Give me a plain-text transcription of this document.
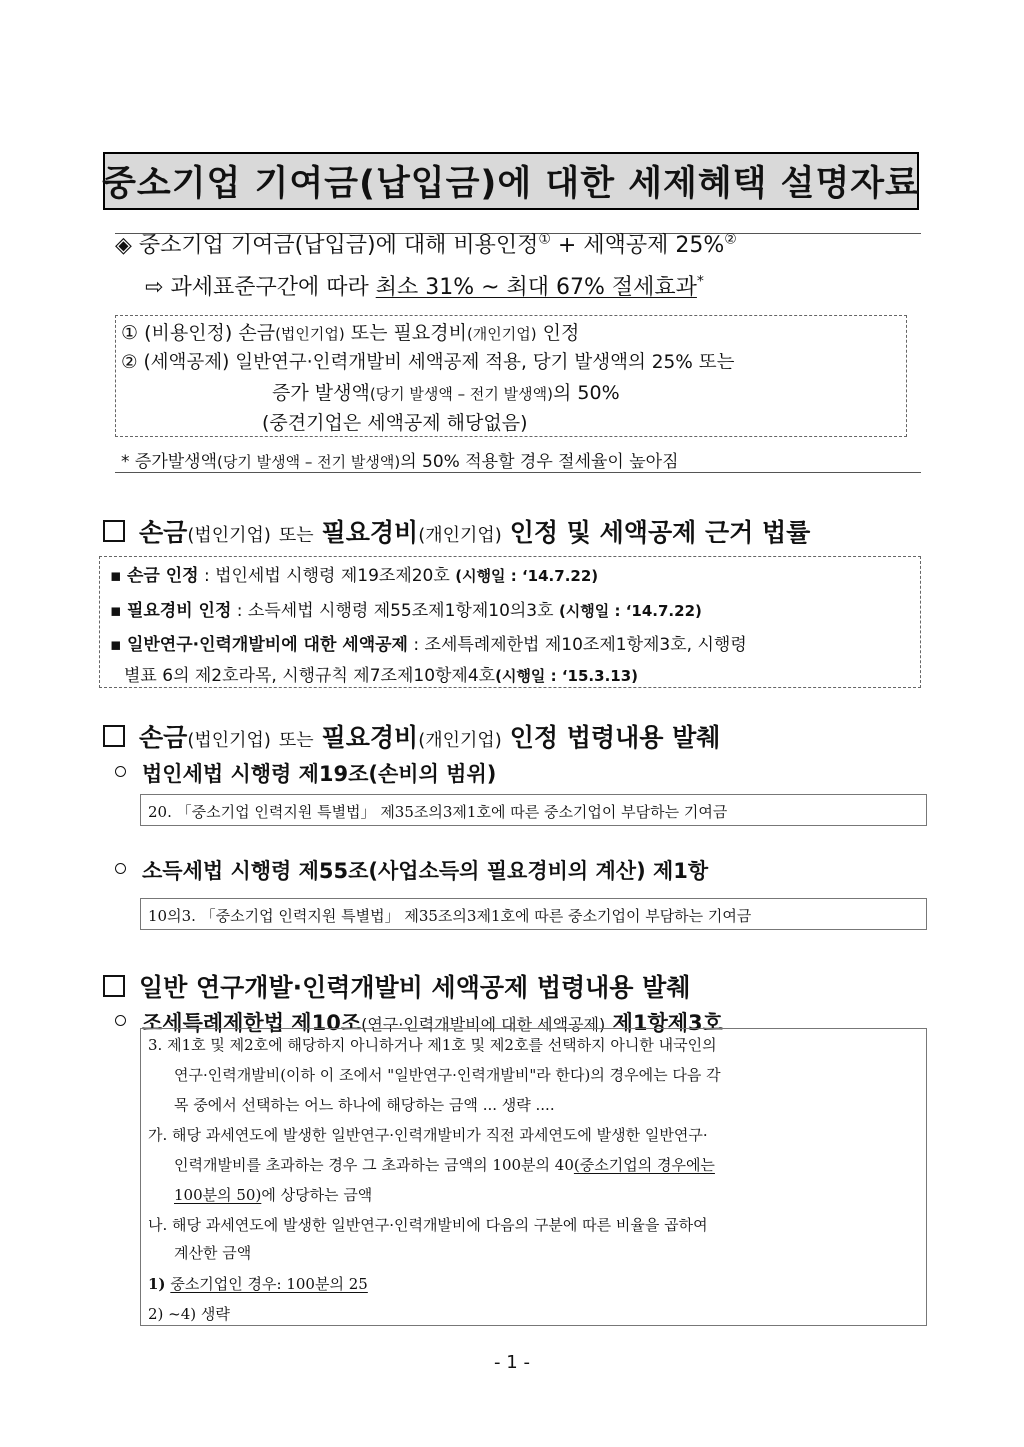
중소기업 기여금(납입금)에 대한 세제혜택 설명자료
◈ 중소기업 기여금(납입금)에 대해 비용인정① + 세액공제 25%②
⇨ 과세표준구간에 따라 최소 31% ~ 최대 67% 절세효과*
① (비용인정) 손금(법인기업) 또는 필요경비(개인기업) 인정
② (세액공제) 일반연구·인력개발비 세액공제 적용, 당기 발생액의 25% 또는
증가 발생액(당기 발생액 – 전기 발생액)의 50%
(중견기업은 세액공제 해당없음)
* 증가발생액(당기 발생액 – 전기 발생액)의 50% 적용할 경우 절세율이 높아짐
손금(법인기업) 또는 필요경비(개인기업) 인정 및 세액공제 근거 법률
▪ 손금 인정 : 법인세법 시행령 제19조제20호 (시행일 : ‘14.7.22)
▪ 필요경비 인정 : 소득세법 시행령 제55조제1항제10의3호 (시행일 : ‘14.7.22)
▪ 일반연구·인력개발비에 대한 세액공제 : 조세특례제한법 제10조제1항제3호, 시행령
별표 6의 제2호라목, 시행규칙 제7조제10항제4호(시행일 : ‘15.3.13)
손금(법인기업) 또는 필요경비(개인기업) 인정 법령내용 발췌
법인세법 시행령 제19조(손비의 범위)
20. 「중소기업 인력지원 특별법」 제35조의3제1호에 따른 중소기업이 부담하는 기여금
소득세법 시행령 제55조(사업소득의 필요경비의 계산) 제1항
10의3. 「중소기업 인력지원 특별법」 제35조의3제1호에 따른 중소기업이 부담하는 기여금
일반 연구개발·인력개발비 세액공제 법령내용 발췌
조세특례제한법 제10조(연구·인력개발비에 대한 세액공제) 제1항제3호
3. 제1호 및 제2호에 해당하지 아니하거나 제1호 및 제2호를 선택하지 아니한 내국인의
연구·인력개발비(이하 이 조에서 "일반연구·인력개발비"라 한다)의 경우에는 다음 각
목 중에서 선택하는 어느 하나에 해당하는 금액 ... 생략 ....
가. 해당 과세연도에 발생한 일반연구·인력개발비가 직전 과세연도에 발생한 일반연구·
인력개발비를 초과하는 경우 그 초과하는 금액의 100분의 40(중소기업의 경우에는
100분의 50)에 상당하는 금액
나. 해당 과세연도에 발생한 일반연구·인력개발비에 다음의 구분에 따른 비율을 곱하여
계산한 금액
1) 중소기업인 경우: 100분의 25
2) ~4) 생략
- 1 -
